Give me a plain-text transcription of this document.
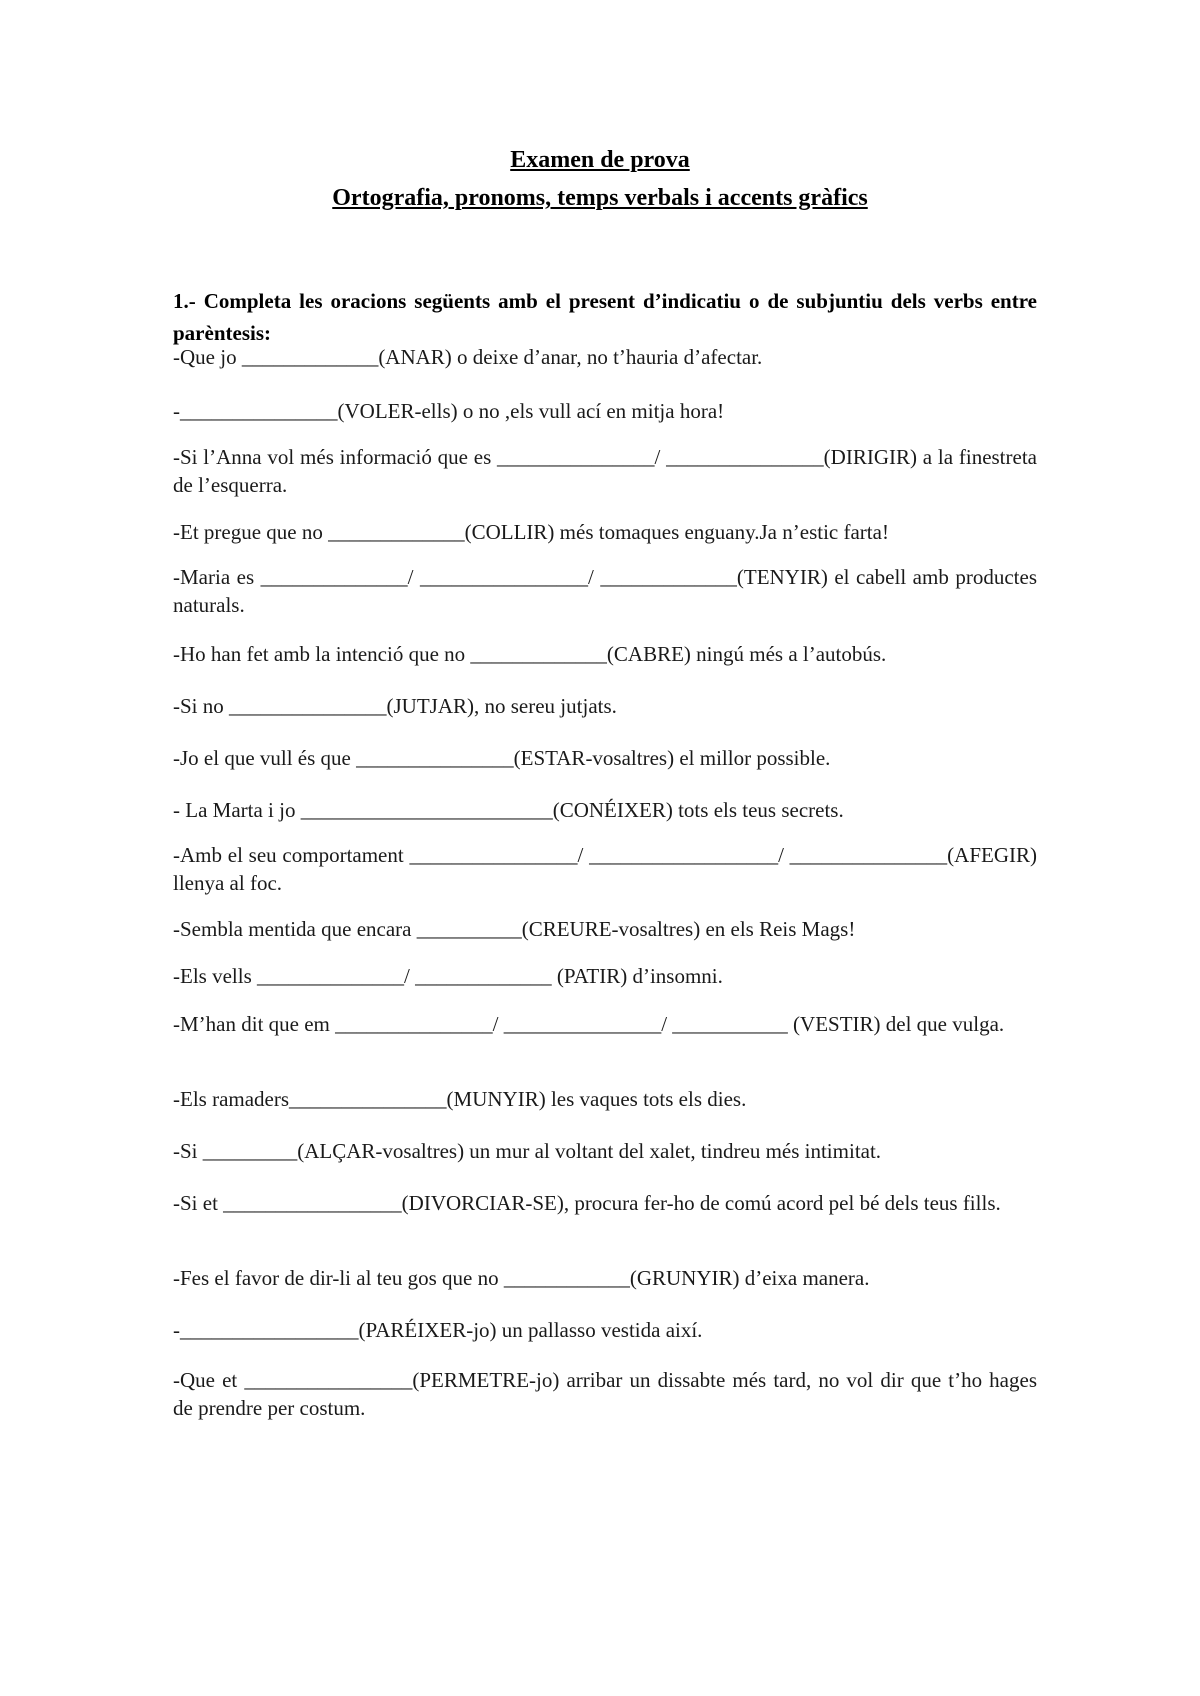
Examen de prova
Ortografia, pronoms, temps verbals i accents gràfics
1.- Completa les oracions següents amb el present d’indicatiu o de subjuntiu dels verbs entre parèntesis:
-Que jo _____________(ANAR) o deixe d’anar, no t’hauria d’afectar.
-_______________(VOLER-ells) o no ,els vull ací en mitja hora!
-Si l’Anna vol més informació que es _______________/ _______________(DIRIGIR) a la finestreta de l’esquerra.
-Et pregue que no _____________(COLLIR) més tomaques enguany.Ja n’estic farta!
-Maria es ______________/ ________________/ _____________(TENYIR) el cabell amb productes naturals.
-Ho han fet amb la intenció que no _____________(CABRE) ningú més a l’autobús.
-Si no _______________(JUTJAR), no sereu jutjats.
-Jo el que vull és que _______________(ESTAR-vosaltres) el millor possible.
- La Marta i jo ________________________(CONÉIXER) tots els teus secrets.
-Amb el seu comportament ________________/ __________________/ _______________(AFEGIR) llenya al foc.
-Sembla mentida que encara __________(CREURE-vosaltres) en els Reis Mags!
-Els vells ______________/ _____________ (PATIR) d’insomni.
-M’han dit que em _______________/ _______________/ ___________ (VESTIR) del que vulga.
-Els ramaders_______________(MUNYIR) les vaques tots els dies.
-Si _________(ALÇAR-vosaltres) un mur al voltant del xalet, tindreu més intimitat.
-Si et _________________(DIVORCIAR-SE), procura fer-ho de comú acord pel bé dels teus fills.
-Fes el favor de dir-li al teu gos que no ____________(GRUNYIR) d’eixa manera.
-_________________(PARÉIXER-jo) un pallasso vestida així.
-Que et ________________(PERMETRE-jo) arribar un dissabte més tard, no vol dir que t’ho hages de prendre per costum.
